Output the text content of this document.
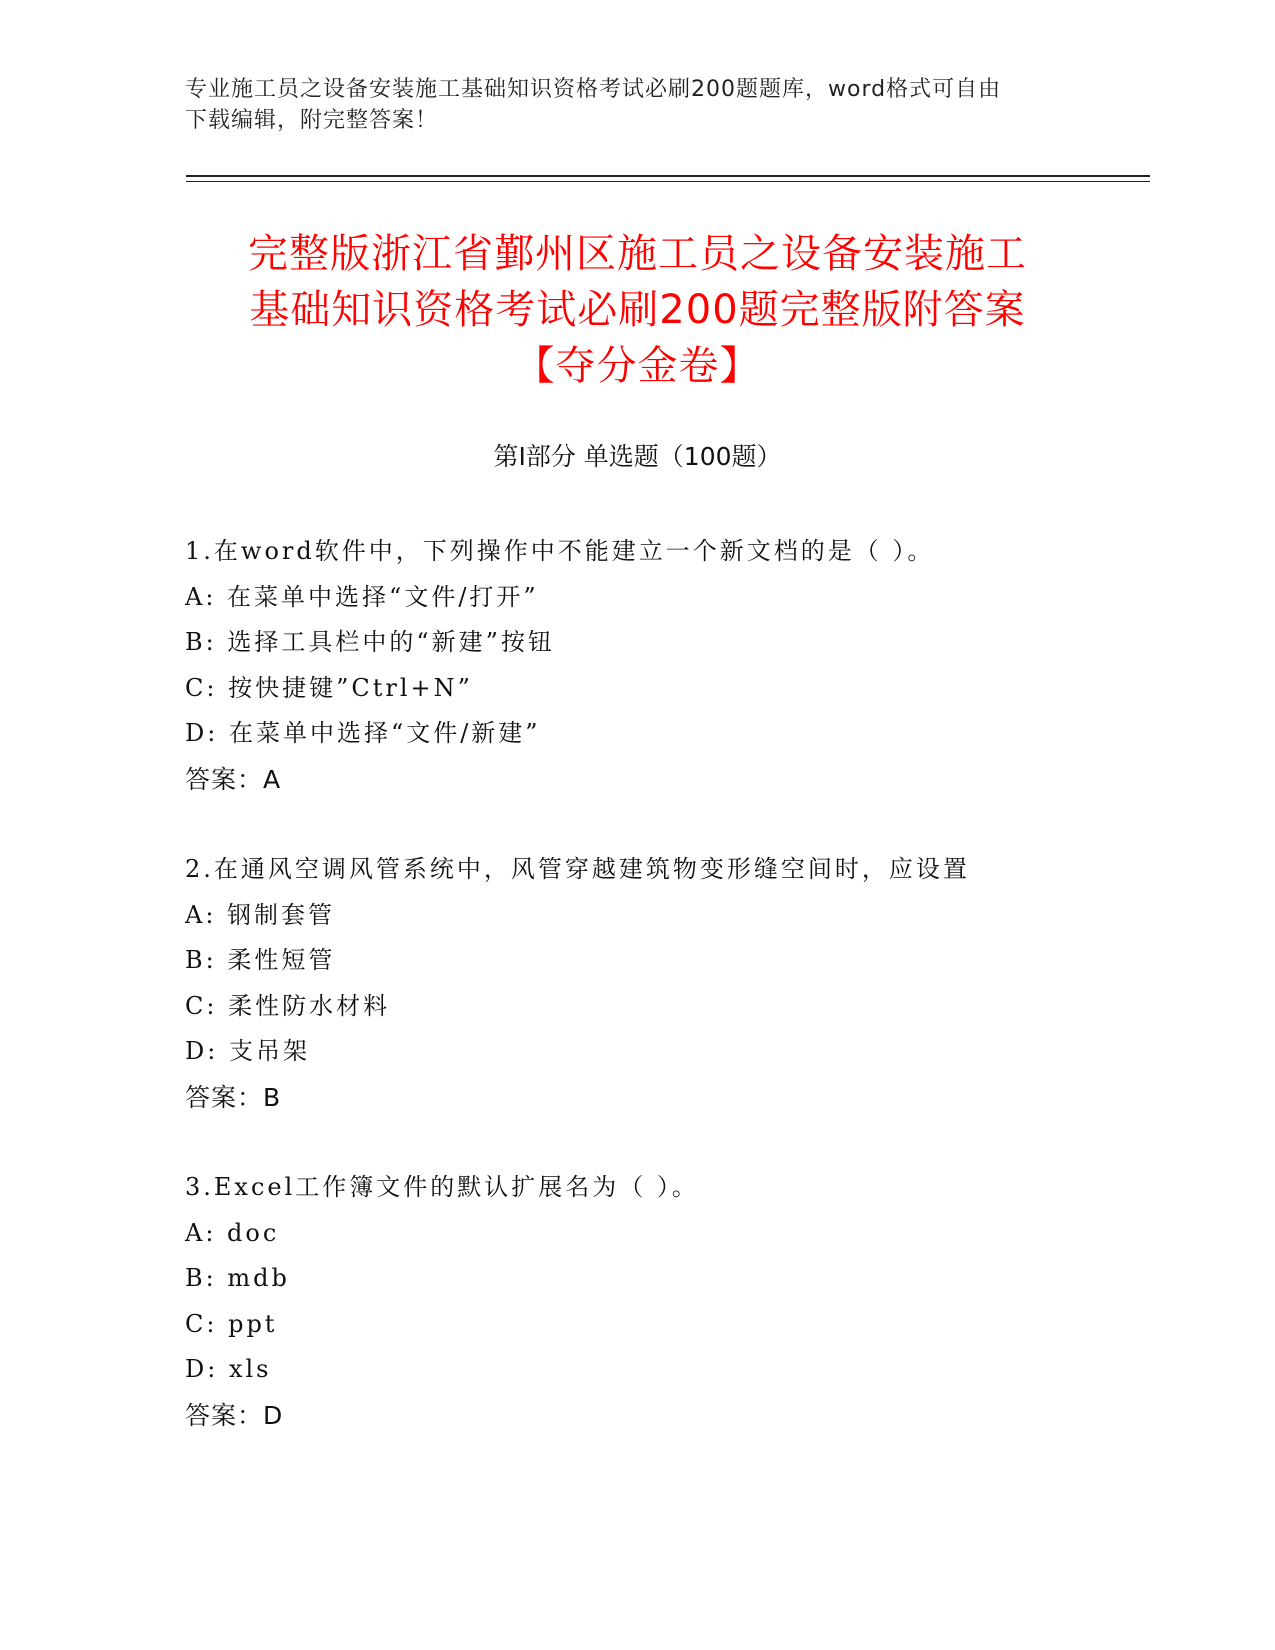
专业施工员之设备安装施工基础知识资格考试必刷200题题库，word格式可自由
下载编辑，附完整答案！
完整版浙江省鄞州区施工员之设备安装施工
基础知识资格考试必刷200题完整版附答案
【夺分金卷】
第Ⅰ部分 单选题（100题）
1.在word软件中，下列操作中不能建立一个新文档的是（ ）。
A: 在菜单中选择“文件/打开”
B: 选择工具栏中的“新建”按钮
C: 按快捷键”Ctrl+N”
D: 在菜单中选择“文件/新建”
答案：A
2.在通风空调风管系统中，风管穿越建筑物变形缝空间时，应设置
A: 钢制套管
B: 柔性短管
C: 柔性防水材料
D: 支吊架
答案：B
3.Excel工作簿文件的默认扩展名为（ ）。
A: doc
B: mdb
C: ppt
D: xls
答案：D
